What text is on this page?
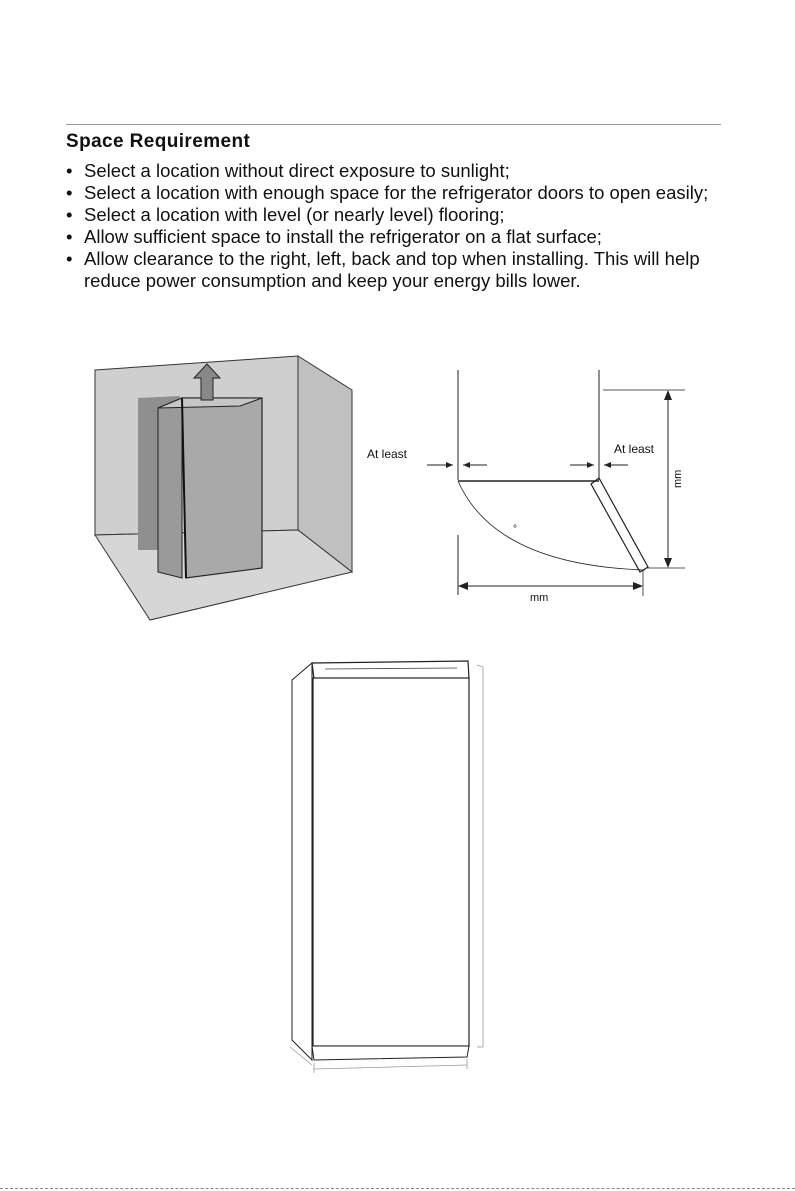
Space Requirement
• Select a location without direct exposure to sunlight;
• Select a location with enough space for the refrigerator doors to open easily;
• Select a location with level (or nearly level) flooring;
• Allow sufficient space to install the refrigerator on a flat surface;
• Allow clearance to the right, left, back and top when installing. This will help reduce power consumption and keep your energy bills lower.
At least	At least
mm
mm
°
